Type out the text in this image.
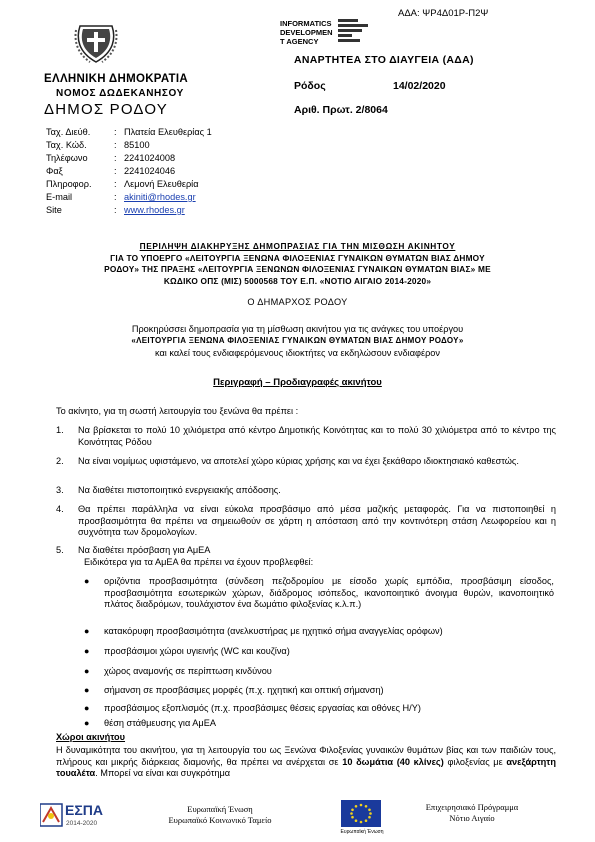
ΑΔΑ: ΨΡ4Δ01Ρ-Π2Ψ
ΕΛΛΗΝΙΚΗ ΔΗΜΟΚΡΑΤΙΑ
ΝΟΜΟΣ ΔΩΔΕΚΑΝΗΣΟΥ
ΔΗΜΟΣ ΡΟΔΟΥ
INFORMATICS
DEVELOPMEN
T AGENCY
ΑΝΑΡΤΗΤΕΑ ΣΤΟ ΔΙΑΥΓΕΙΑ (ΑΔΑ)
Ρόδος	14/02/2020
Αριθ. Πρωτ. 2/8064
Ταχ. Διεύθ.	: Πλατεία Ελευθερίας 1
Ταχ. Κώδ.	: 85100
Τηλέφωνο	: 2241024008
Φαξ	: 2241024046
Πληροφορ.	: Λεμονή Ελευθερία
E-mail	: akiniti@rhodes.gr
Site	: www.rhodes.gr
ΠΕΡΙΛΗΨΗ ΔΙΑΚΗΡΥΞΗΣ ΔΗΜΟΠΡΑΣΙΑΣ ΓΙΑ ΤΗΝ ΜΙΣΘΩΣΗ ΑΚΙΝΗΤΟΥ
ΓΙΑ ΤΟ ΥΠΟΕΡΓΟ «ΛΕΙΤΟΥΡΓΙΑ ΞΕΝΩΝΑ ΦΙΛΟΞΕΝΙΑΣ ΓΥΝΑΙΚΩΝ ΘΥΜΑΤΩΝ ΒΙΑΣ ΔΗΜΟΥ
ΡΟΔΟΥ» ΤΗΣ ΠΡΑΞΗΣ «ΛΕΙΤΟΥΡΓΙΑ ΞΕΝΩΝΩΝ ΦΙΛΟΞΕΝΙΑΣ ΓΥΝΑΙΚΩΝ ΘΥΜΑΤΩΝ ΒΙΑΣ» ΜΕ
ΚΩΔΙΚΟ ΟΠΣ (ΜΙΣ) 5000568 ΤΟΥ Ε.Π. «ΝΟΤΙΟ ΑΙΓΑΙΟ 2014-2020»
Ο ΔΗΜΑΡΧΟΣ ΡΟΔΟΥ
Προκηρύσσει δημοπρασία για τη μίσθωση ακινήτου για τις ανάγκες του υποέργου
«ΛΕΙΤΟΥΡΓΙΑ ΞΕΝΩΝΑ ΦΙΛΟΞΕΝΙΑΣ ΓΥΝΑΙΚΩΝ ΘΥΜΑΤΩΝ ΒΙΑΣ ΔΗΜΟΥ ΡΟΔΟΥ»
και καλεί τους ενδιαφερόμενους ιδιοκτήτες να εκδηλώσουν ενδιαφέρον
Περιγραφή – Προδιαγραφές ακινήτου
Το ακίνητο, για τη σωστή λειτουργία του ξενώνα θα πρέπει :
1. Να βρίσκεται το πολύ 10 χιλιόμετρα από κέντρο Δημοτικής Κοινότητας και το πολύ 30 χιλιόμετρα από το κέντρο της Κοινότητας Ρόδου
2. Να είναι νομίμως υφιστάμενο, να αποτελεί χώρο κύριας χρήσης και να έχει ξεκάθαρο ιδιοκτησιακό καθεστώς.
3. Να διαθέτει πιστοποιητικό ενεργειακής απόδοσης.
4. Θα πρέπει παράλληλα να είναι εύκολα προσβάσιμο από μέσα μαζικής μεταφοράς. Για να πιστοποιηθεί η προσβασιμότητα θα πρέπει να σημειωθούν σε χάρτη η απόσταση από την κοντινότερη στάση Λεωφορείου και η συχνότητα των δρομολογίων.
5. Να διαθέτει πρόσβαση για ΑμΕΑ
Ειδικότερα για τα ΑμΕΑ θα πρέπει να έχουν προβλεφθεί:
● οριζόντια προσβασιμότητα (σύνδεση πεζοδρομίου με είσοδο χωρίς εμπόδια, προσβάσιμη είσοδος, προσβασιμότητα εσωτερικών χώρων, διάδρομος ισόπεδος, ικανοποιητικό άνοιγμα θυρών, ικανοποιητικό πλάτος διαδρόμων, τουλάχιστον ένα δωμάτιο φιλοξενίας κ.λ.π.)
● κατακόρυφη προσβασιμότητα (ανελκυστήρας με ηχητικό σήμα αναγγελίας ορόφων)
● προσβάσιμοι χώροι υγιεινής (WC και κουζίνα)
● χώρος αναμονής σε περίπτωση κινδύνου
● σήμανση σε προσβάσιμες μορφές (π.χ. ηχητική και οπτική σήμανση)
● προσβάσιμος εξοπλισμός (π.χ. προσβάσιμες θέσεις εργασίας και οθόνες Η/Υ)
● θέση στάθμευσης για ΑμΕΑ
Χώροι ακινήτου
Η δυναμικότητα του ακινήτου, για τη λειτουργία του ως Ξενώνα Φιλοξενίας γυναικών θυμάτων βίας και των παιδιών τους, πλήρους και μικρής διάρκειας διαμονής, θα πρέπει να ανέρχεται σε 10 δωμάτια (40 κλίνες) φιλοξενίας με ανεξάρτητη τουαλέτα. Μπορεί να είναι και συγκρότημα
ΕΣΠΑ
2014-2020
Ευρωπαϊκή Ένωση
Ευρωπαϊκό Κοινωνικό Ταμείο
Ευρωπαϊκή Ένωση
Επιχειρησιακό Πρόγραμμα
Νότιο Αιγαίο
